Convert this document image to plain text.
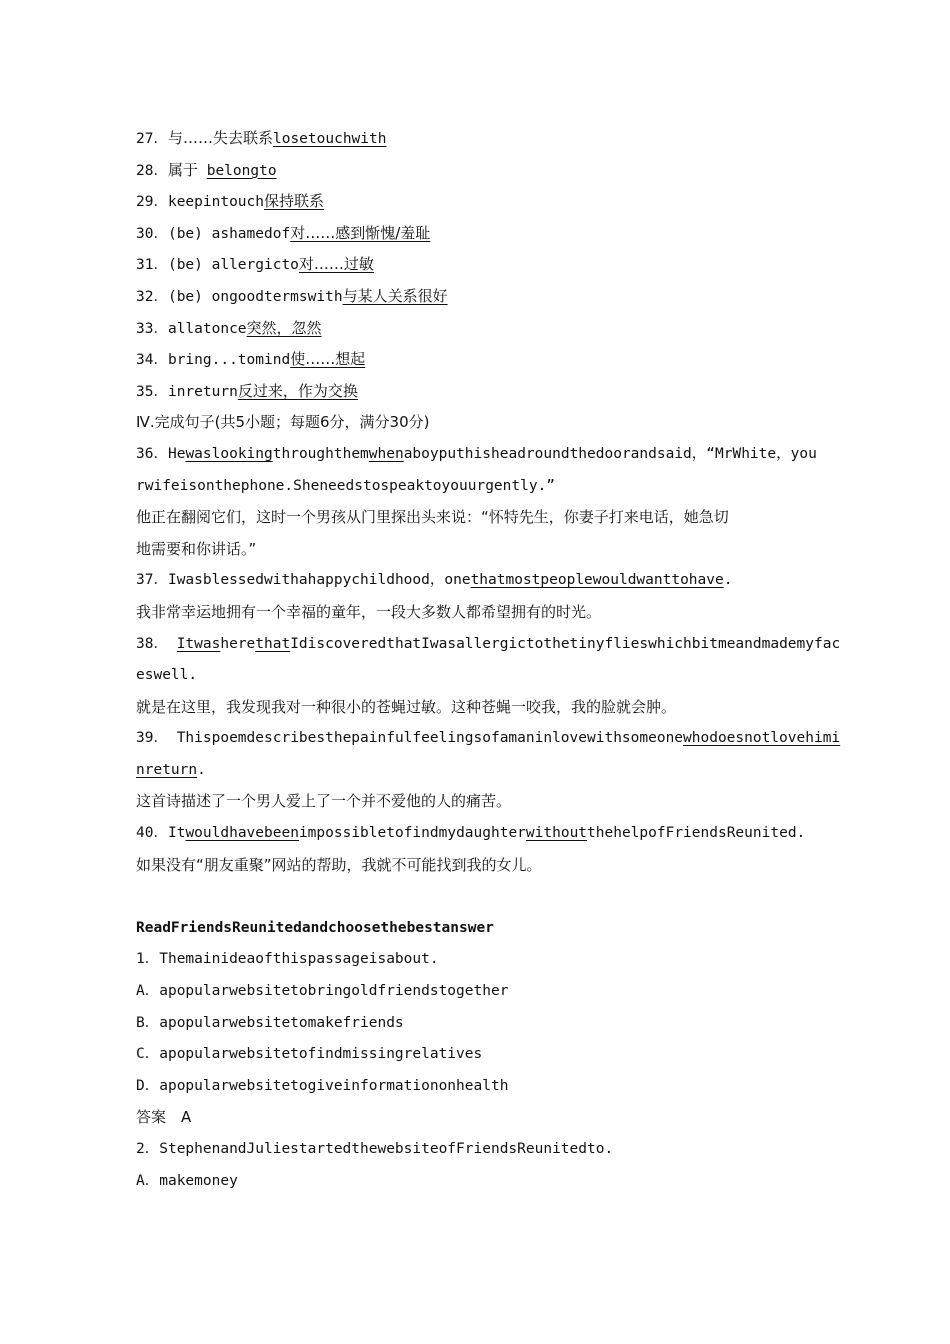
27．与……失去联系losetouchwith
28．属于 belongto
29．keepintouch保持联系
30．(be) ashamedof对……感到惭愧/羞耻
31．(be) allergicto对……过敏
32．(be) ongoodtermswith与某人关系很好
33．allatonce突然，忽然
34．bring...tomind使……想起
35．inreturn反过来，作为交换
Ⅳ.完成句子(共5小题；每题6分，满分30分)
36．Hewaslookingthroughthemwhenaboyputhisheadroundthedoorandsaid，“MrWhite，you
rwifeisonthephone.Sheneedstospeaktoyouurgently.”
他正在翻阅它们，这时一个男孩从门里探出头来说：“怀特先生，你妻子打来电话，她急切
地需要和你讲话。”
37．Iwasblessedwithahappychildhood，onethatmostpeoplewouldwanttohave.
我非常幸运地拥有一个幸福的童年，一段大多数人都希望拥有的时光。
38． ItwasherethatIdiscoveredthatIwasallergictothetinyflieswhichbitmeandmademyfac
eswell.
就是在这里，我发现我对一种很小的苍蝇过敏。这种苍蝇一咬我，我的脸就会肿。
39． Thispoemdescribesthepainfulfeelingsofamaninlovewithsomeonewhodoesnotlovehimi
nreturn.
这首诗描述了一个男人爱上了一个并不爱他的人的痛苦。
40．ItwouldhavebeenimpossibletofindmydaughterwithoutthehelpofFriendsReunited.
如果没有“朋友重聚”网站的帮助，我就不可能找到我的女儿。
ReadFriendsReunitedandchoosethebestanswer
1．Themainideaofthispassageisabout.
A．apopularwebsitetobringoldfriendstogether
B．apopularwebsitetomakefriends
C．apopularwebsitetofindmissingrelatives
D．apopularwebsitetogiveinformationonhealth
答案　A
2．StephenandJuliestartedthewebsiteofFriendsReunitedto.
A．makemoney
